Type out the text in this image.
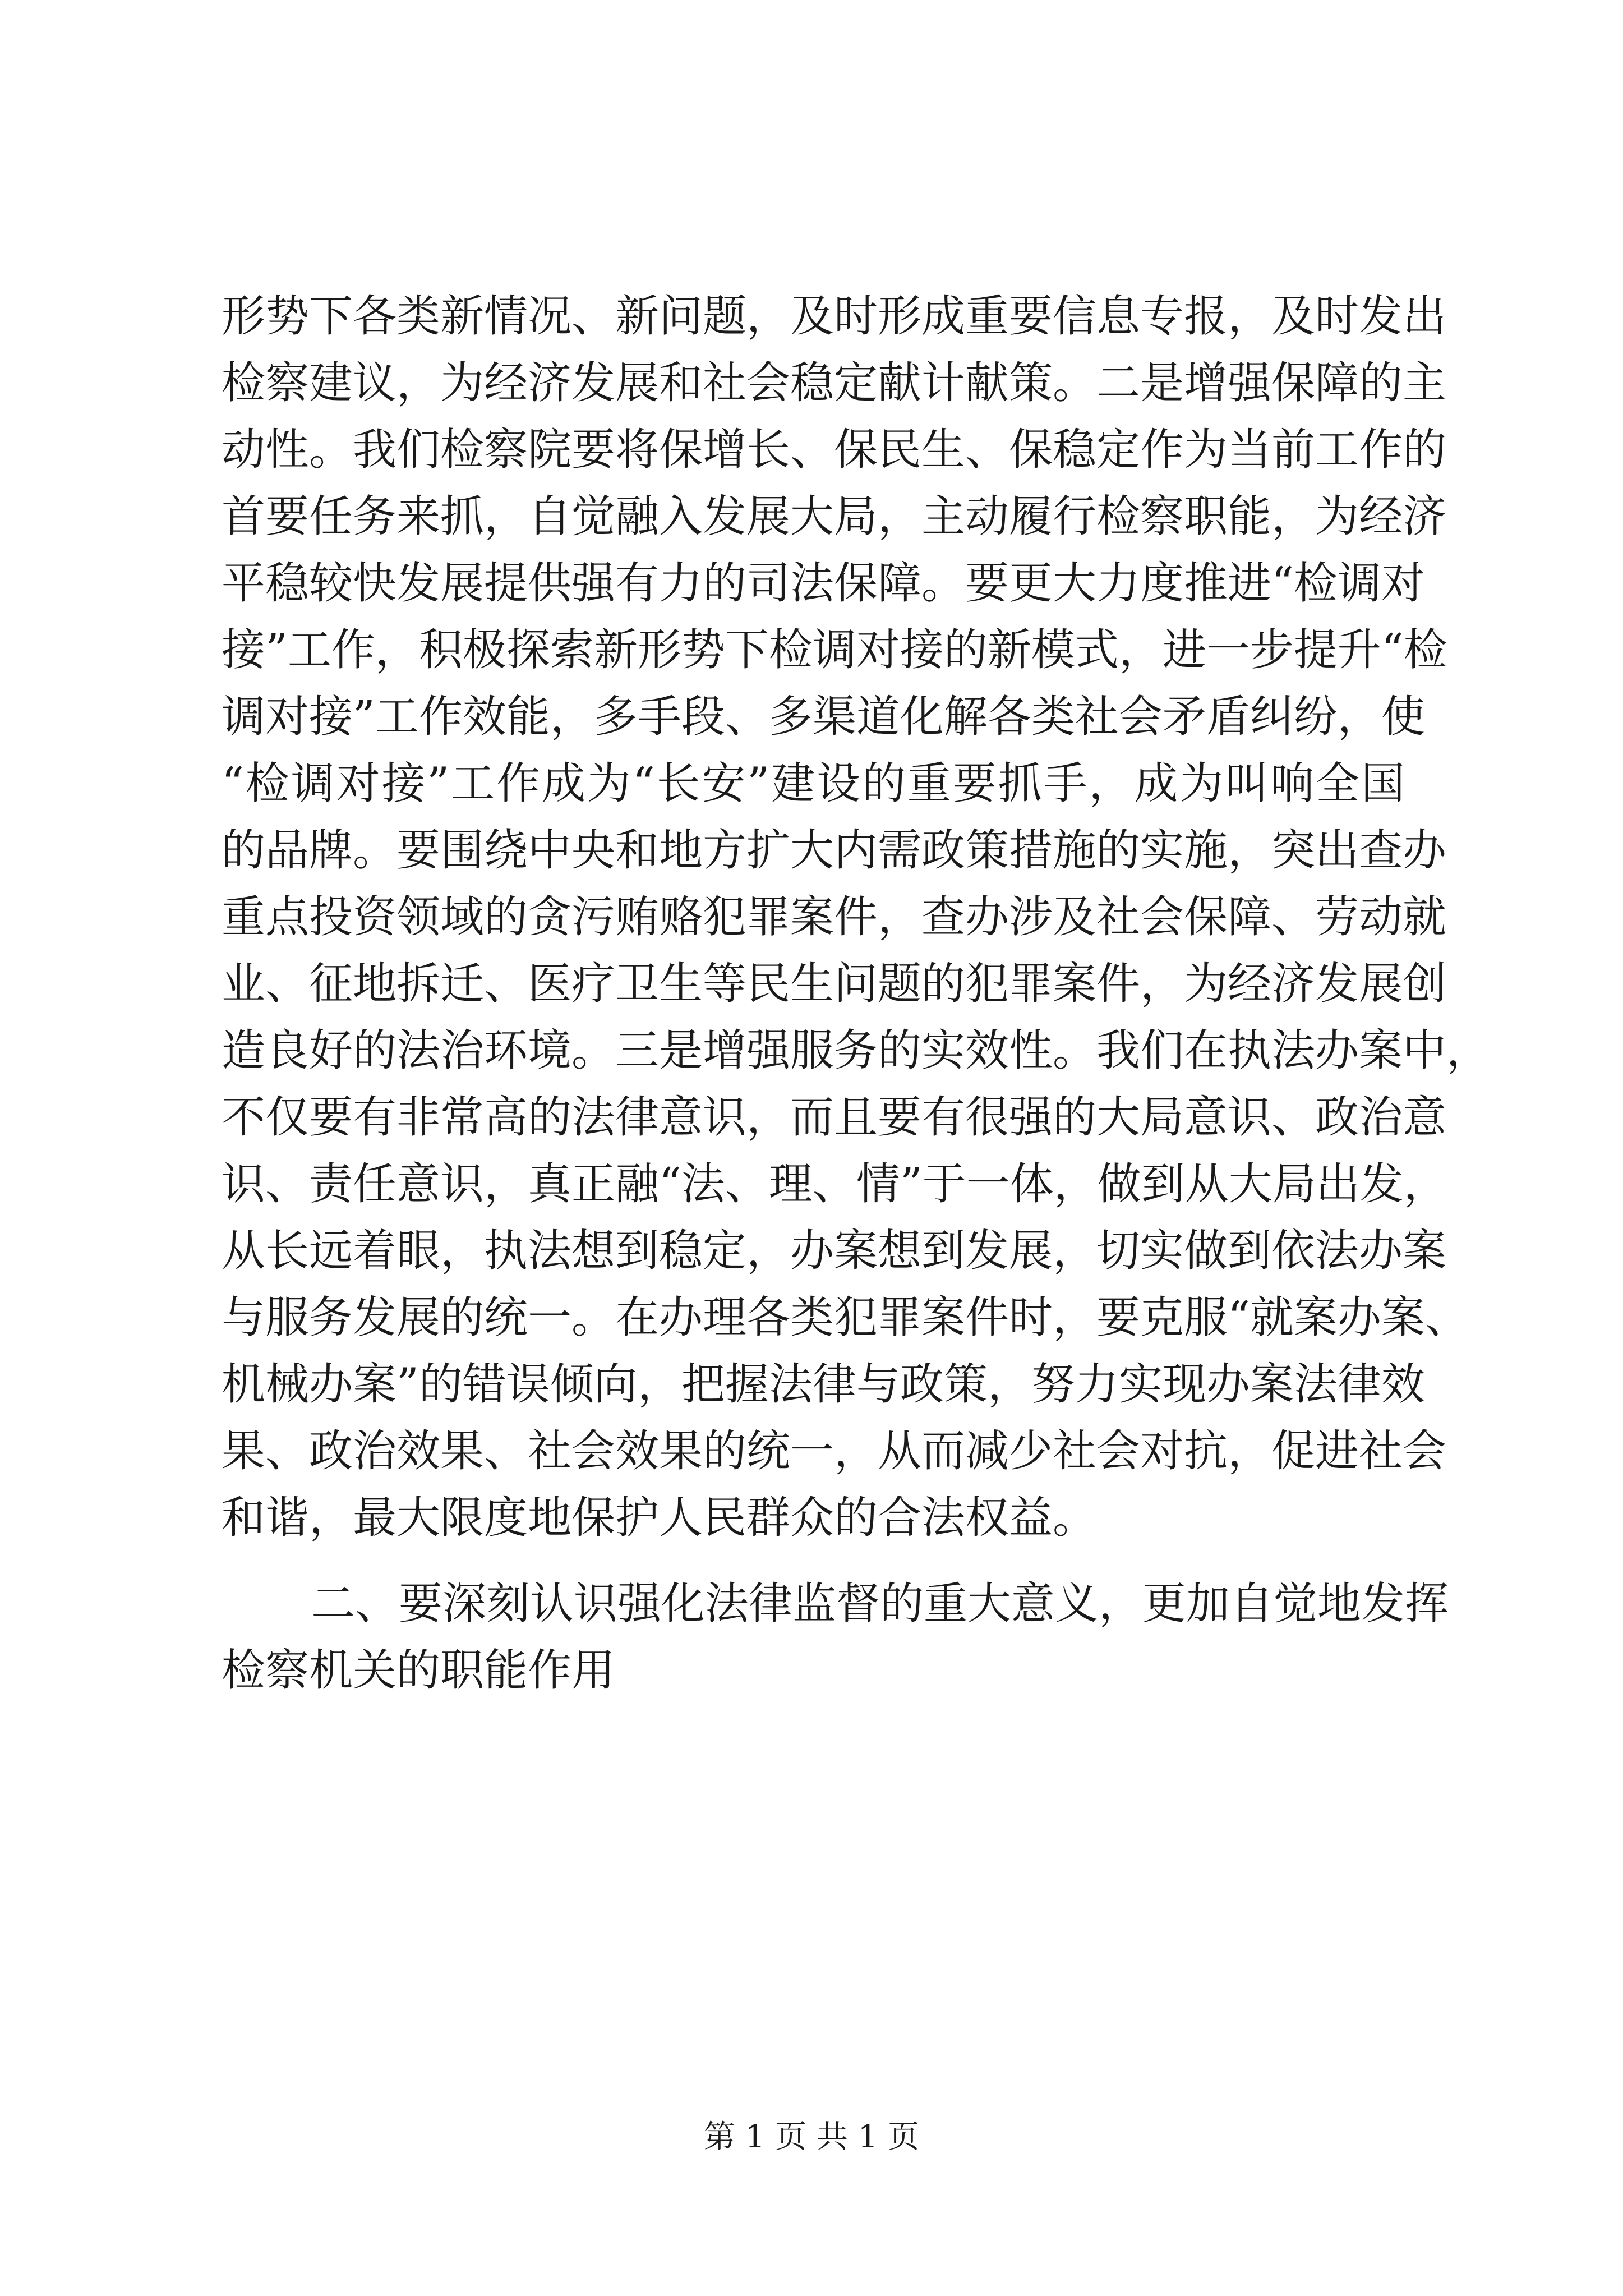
形势下各类新情况、新问题，及时形成重要信息专报，及时发出
检察建议，为经济发展和社会稳定献计献策。二是增强保障的主
动性。我们检察院要将保增长、保民生、保稳定作为当前工作的
首要任务来抓，自觉融入发展大局，主动履行检察职能，为经济
平稳较快发展提供强有力的司法保障。要更大力度推进“检调对
接”工作，积极探索新形势下检调对接的新模式，进一步提升“检
调对接”工作效能，多手段、多渠道化解各类社会矛盾纠纷，使
“检调对接”工作成为“长安”建设的重要抓手，成为叫响全国
的品牌。要围绕中央和地方扩大内需政策措施的实施，突出查办
重点投资领域的贪污贿赂犯罪案件，查办涉及社会保障、劳动就
业、征地拆迁、医疗卫生等民生问题的犯罪案件，为经济发展创
造良好的法治环境。三是增强服务的实效性。我们在执法办案中，
不仅要有非常高的法律意识，而且要有很强的大局意识、政治意
识、责任意识，真正融“法、理、情”于一体，做到从大局出发，
从长远着眼，执法想到稳定，办案想到发展，切实做到依法办案
与服务发展的统一。在办理各类犯罪案件时，要克服“就案办案、
机械办案”的错误倾向，把握法律与政策，努力实现办案法律效
果、政治效果、社会效果的统一，从而减少社会对抗，促进社会
和谐，最大限度地保护人民群众的合法权益。
二、要深刻认识强化法律监督的重大意义，更加自觉地发挥
检察机关的职能作用
第 1 页 共 1 页
